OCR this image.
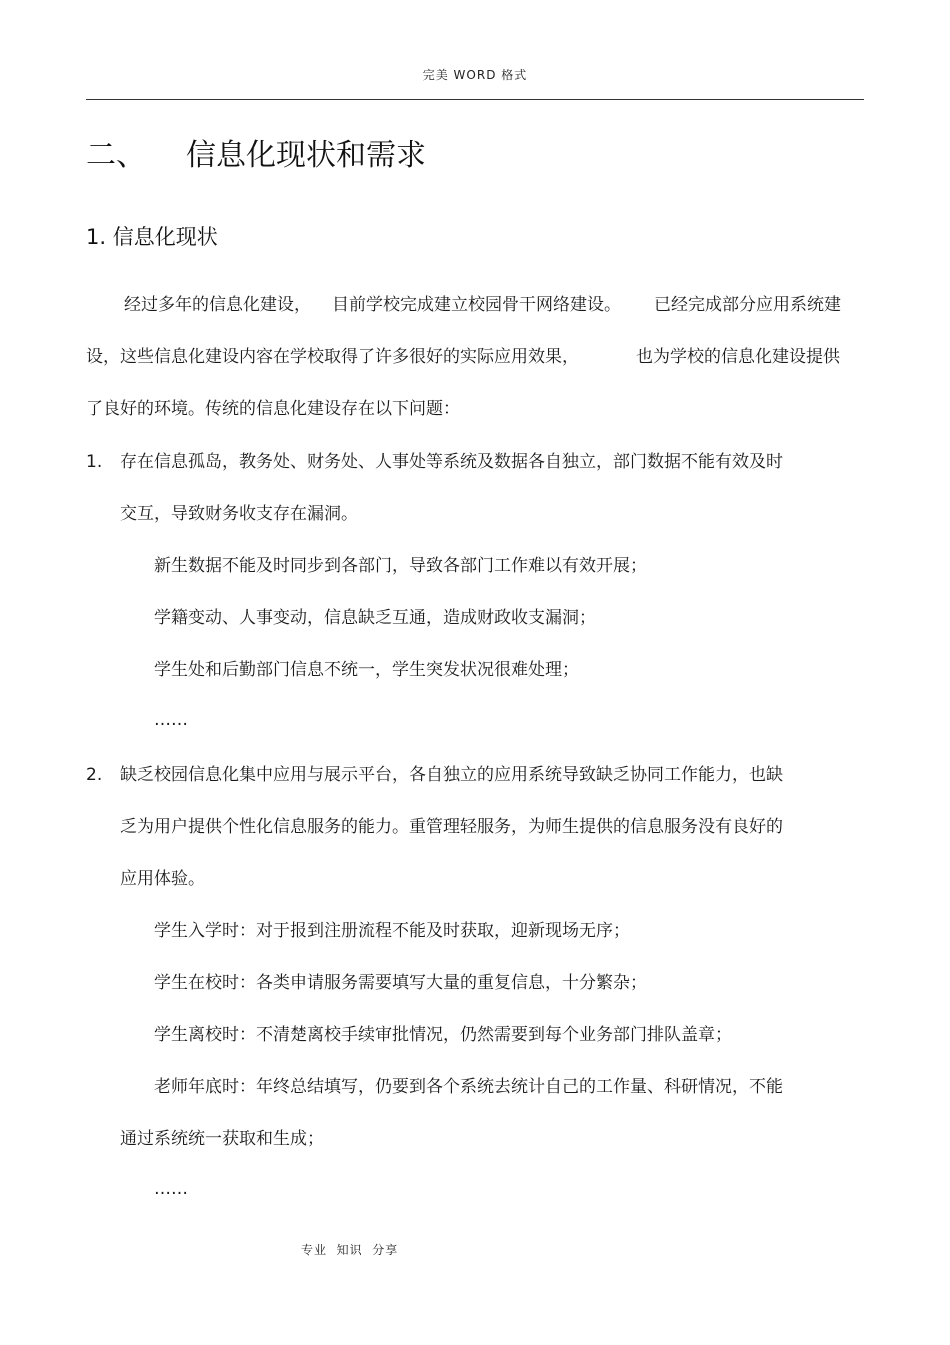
完美 WORD 格式
二、 信息化现状和需求
1. 信息化现状
经过多年的信息化建设， 目前学校完成建立校园骨干网络建设。 已经完成部分应用系统建
设，这些信息化建设内容在学校取得了许多很好的实际应用效果，	也为学校的信息化建设提供
了良好的环境。传统的信息化建设存在以下问题：
1. 存在信息孤岛，教务处、财务处、人事处等系统及数据各自独立，部门数据不能有效及时
交互，导致财务收支存在漏洞。
新生数据不能及时同步到各部门，导致各部门工作难以有效开展；
学籍变动、人事变动，信息缺乏互通，造成财政收支漏洞；
学生处和后勤部门信息不统一，学生突发状况很难处理；
……
2. 缺乏校园信息化集中应用与展示平台，各自独立的应用系统导致缺乏协同工作能力，也缺
乏为用户提供个性化信息服务的能力。重管理轻服务，为师生提供的信息服务没有良好的
应用体验。
学生入学时：对于报到注册流程不能及时获取，迎新现场无序；
学生在校时：各类申请服务需要填写大量的重复信息，十分繁杂；
学生离校时：不清楚离校手续审批情况，仍然需要到每个业务部门排队盖章；
老师年底时：年终总结填写，仍要到各个系统去统计自己的工作量、科研情况，不能
通过系统统一获取和生成；
……
专业  知识  分享
